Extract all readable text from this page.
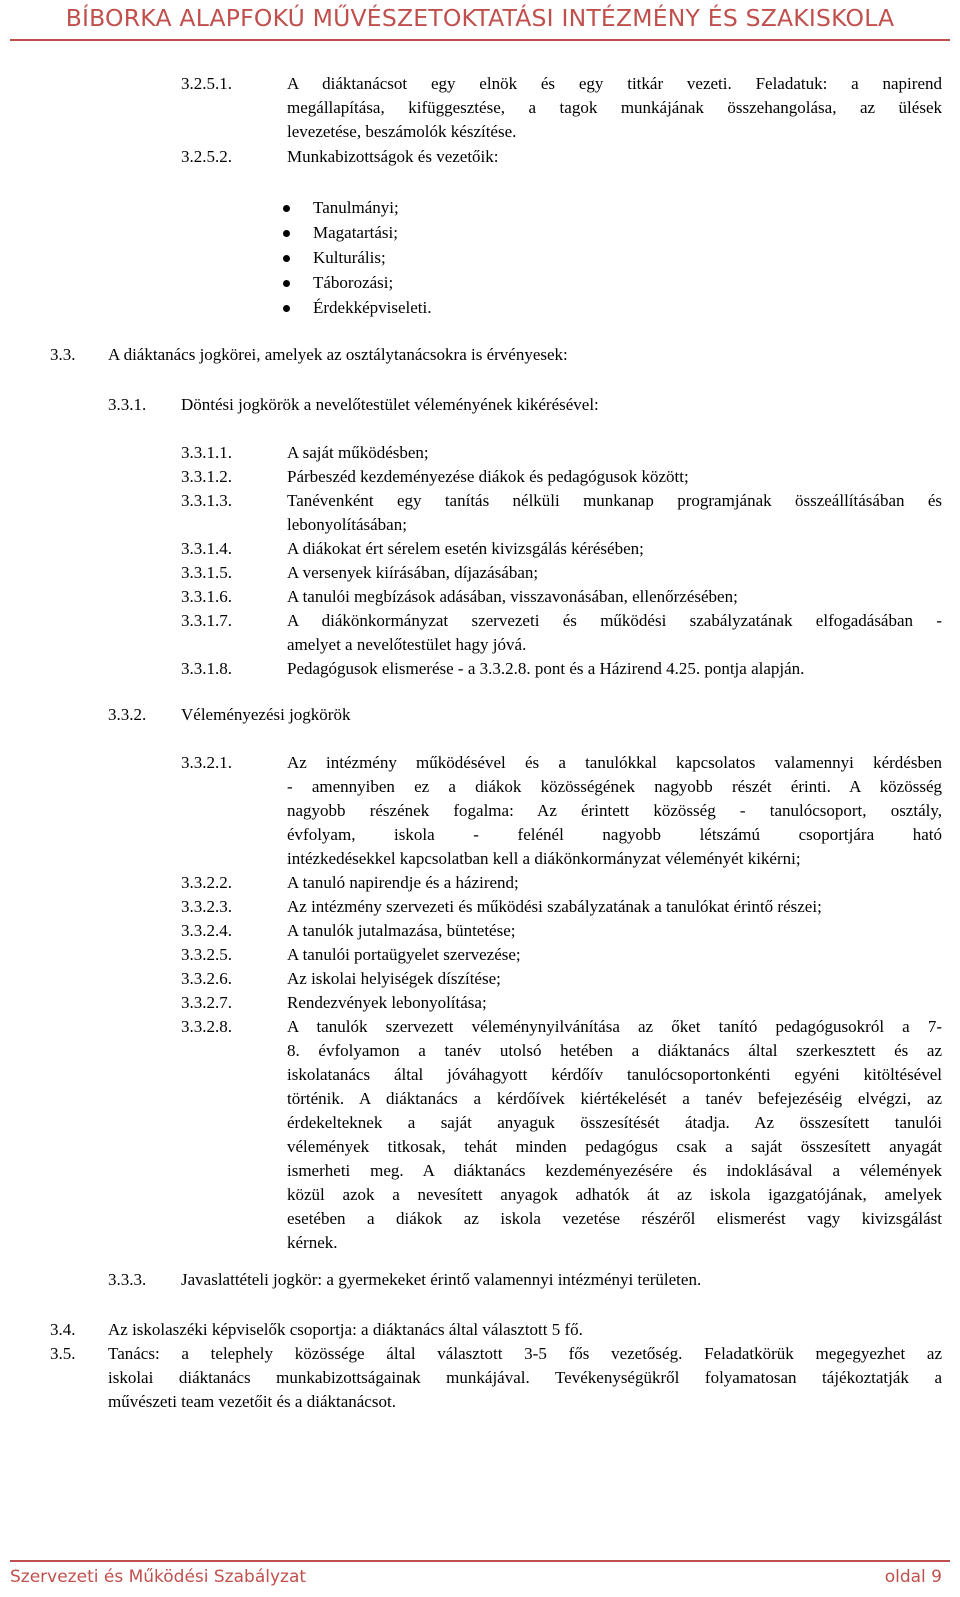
BÍBORKA ALAPFOKÚ MŰVÉSZETOKTATÁSI INTÉZMÉNY ÉS SZAKISKOLA
3.2.5.1.	A diáktanácsot egy elnök és egy titkár vezeti. Feladatuk: a napirend
megállapítása, kifüggesztése, a tagok munkájának összehangolása, az ülések
levezetése, beszámolók készítése.
3.2.5.2.	Munkabizottságok és vezetőik:
Tanulmányi;
Magatartási;
Kulturális;
Táborozási;
Érdekképviseleti.
3.3. A diáktanács jogkörei, amelyek az osztálytanácsokra is érvényesek:
3.3.1. Döntési jogkörök a nevelőtestület véleményének kikérésével:
3.3.1.1.	A saját működésben;
3.3.1.2.	Párbeszéd kezdeményezése diákok és pedagógusok között;
3.3.1.3.	Tanévenként egy tanítás nélküli munkanap programjának összeállításában és
lebonyolításában;
3.3.1.4.	A diákokat ért sérelem esetén kivizsgálás kérésében;
3.3.1.5.	A versenyek kiírásában, díjazásában;
3.3.1.6.	A tanulói megbízások adásában, visszavonásában, ellenőrzésében;
3.3.1.7.	A diákönkormányzat szervezeti és működési szabályzatának elfogadásában -
amelyet a nevelőtestület hagy jóvá.
3.3.1.8.	Pedagógusok elismerése - a 3.3.2.8. pont és a Házirend 4.25. pontja alapján.
3.3.2. Véleményezési jogkörök
3.3.2.1.	Az intézmény működésével és a tanulókkal kapcsolatos valamennyi kérdésben
- amennyiben ez a diákok közösségének nagyobb részét érinti. A közösség
nagyobb részének fogalma: Az érintett közösség - tanulócsoport, osztály,
évfolyam, iskola - felénél nagyobb létszámú csoportjára ható
intézkedésekkel kapcsolatban kell a diákönkormányzat véleményét kikérni;
3.3.2.2.	A tanuló napirendje és a házirend;
3.3.2.3.	Az intézmény szervezeti és működési szabályzatának a tanulókat érintő részei;
3.3.2.4.	A tanulók jutalmazása, büntetése;
3.3.2.5.	A tanulói portaügyelet szervezése;
3.3.2.6.	Az iskolai helyiségek díszítése;
3.3.2.7.	Rendezvények lebonyolítása;
3.3.2.8.	A tanulók szervezett véleménynyilvánítása az őket tanító pedagógusokról a 7-
8. évfolyamon a tanév utolsó hetében a diáktanács által szerkesztett és az
iskolatanács által jóváhagyott kérdőív tanulócsoportonkénti egyéni kitöltésével
történik. A diáktanács a kérdőívek kiértékelését a tanév befejezéséig elvégzi, az
érdekelteknek a saját anyaguk összesítését átadja. Az összesített tanulói
vélemények titkosak, tehát minden pedagógus csak a saját összesített anyagát
ismerheti meg. A diáktanács kezdeményezésére és indoklásával a vélemények
közül azok a nevesített anyagok adhatók át az iskola igazgatójának, amelyek
esetében a diákok az iskola vezetése részéről elismerést vagy kivizsgálást
kérnek.
3.3.3. Javaslattételi jogkör: a gyermekeket érintő valamennyi intézményi területen.
3.4. Az iskolaszéki képviselők csoportja: a diáktanács által választott 5 fő.
3.5. Tanács: a telephely közössége által választott 3-5 fős vezetőség. Feladatkörük megegyezhet az
iskolai diáktanács munkabizottságainak munkájával. Tevékenységükről folyamatosan tájékoztatják a
művészeti team vezetőit és a diáktanácsot.
Szervezeti és Működési Szabályzat	oldal 9
